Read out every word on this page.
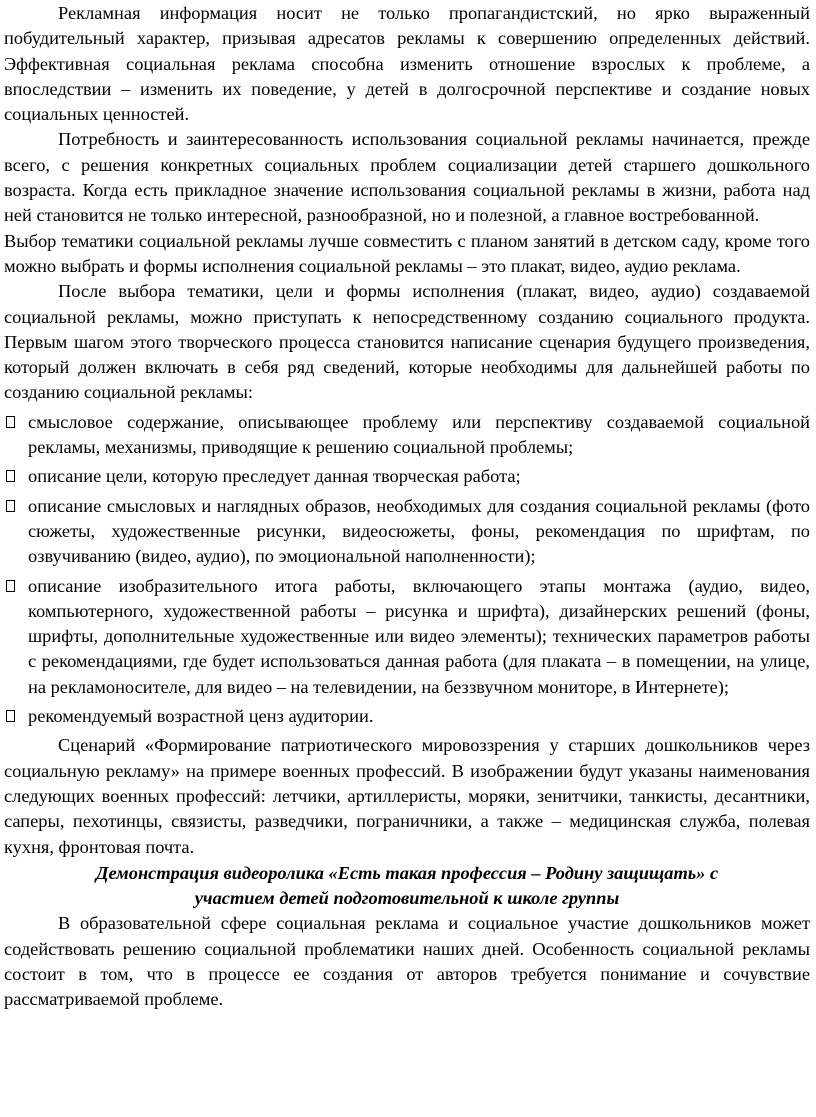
Рекламная информация носит не только пропагандистский, но ярко выраженный побудительный характер, призывая адресатов рекламы к совершению определенных действий. Эффективная социальная реклама способна изменить отношение взрослых к проблеме, а впоследствии – изменить их поведение, у детей в долгосрочной перспективе и создание новых социальных ценностей.

Потребность и заинтересованность использования социальной рекламы начинается, прежде всего, с решения конкретных социальных проблем социализации детей старшего дошкольного возраста. Когда есть прикладное значение использования социальной рекламы в жизни, работа над ней становится не только интересной, разнообразной, но и полезной, а главное востребованной.

Выбор тематики социальной рекламы лучше совместить с планом занятий в детском саду, кроме того можно выбрать и формы исполнения социальной рекламы – это плакат, видео, аудио реклама.

После выбора тематики, цели и формы исполнения (плакат, видео, аудио) создаваемой социальной рекламы, можно приступать к непосредственному созданию социального продукта. Первым шагом этого творческого процесса становится написание сценария будущего произведения, который должен включать в себя ряд сведений, которые необходимы для дальнейшей работы по созданию социальной рекламы:

смысловое содержание, описывающее проблему или перспективу создаваемой социальной рекламы, механизмы, приводящие к решению социальной проблемы;
описание цели, которую преследует данная творческая работа;
описание смысловых и наглядных образов, необходимых для создания социальной рекламы (фото сюжеты, художественные рисунки, видеосюжеты, фоны, рекомендация по шрифтам, по озвучиванию (видео, аудио), по эмоциональной наполненности);
описание изобразительного итога работы, включающего этапы монтажа (аудио, видео, компьютерного, художественной работы – рисунка и шрифта), дизайнерских решений (фоны, шрифты, дополнительные художественные или видео элементы); технических параметров работы с рекомендациями, где будет использоваться данная работа (для плаката – в помещении, на улице, на рекламоносителе, для видео – на телевидении, на беззвучном мониторе, в Интернете);
рекомендуемый возрастной ценз аудитории.

Сценарий «Формирование патриотического мировоззрения у старших дошкольников через социальную рекламу» на примере военных профессий. В изображении будут указаны наименования следующих военных профессий: летчики, артиллеристы, моряки, зенитчики, танкисты, десантники, саперы, пехотинцы, связисты, разведчики, пограничники, а также – медицинская служба, полевая кухня, фронтовая почта.

Демонстрация видеоролика «Есть такая профессия – Родину защищать» с
участием детей подготовительной к школе группы

В образовательной сфере социальная реклама и социальное участие дошкольников может содействовать решению социальной проблематики наших дней. Особенность социальной рекламы состоит в том, что в процессе ее создания от авторов требуется понимание и сочувствие рассматриваемой проблеме.
